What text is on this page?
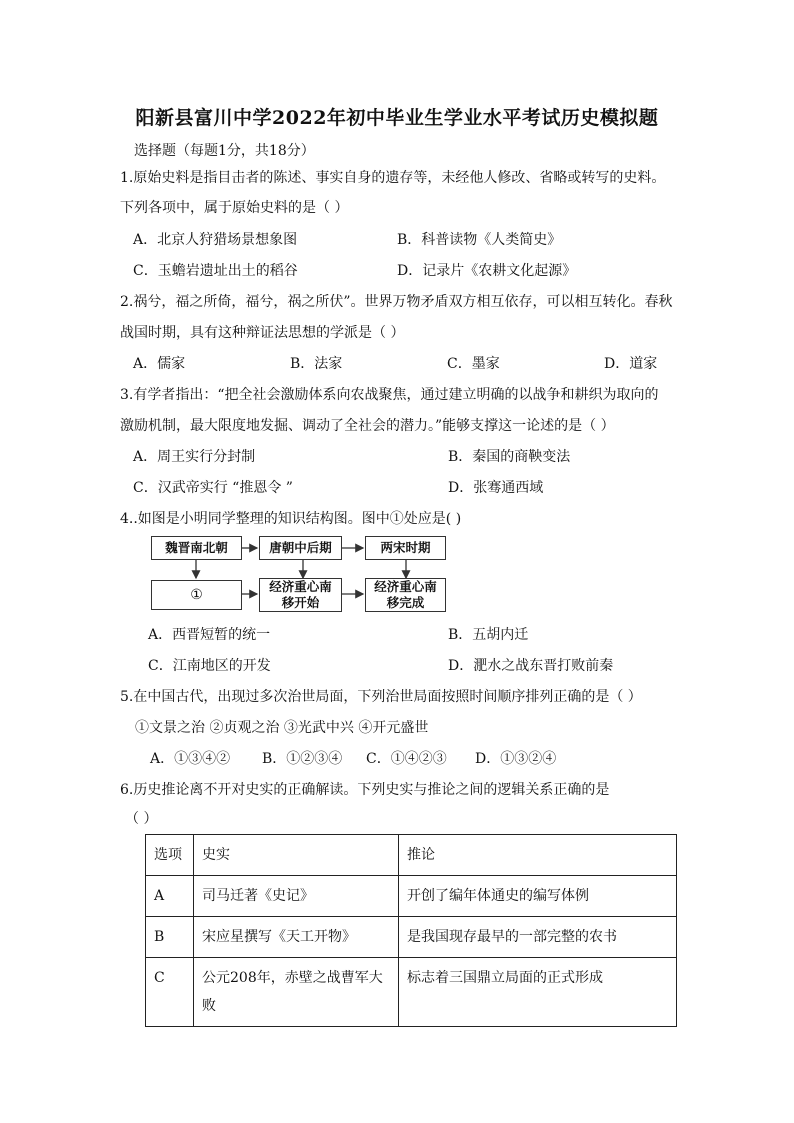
阳新县富川中学2022年初中毕业生学业水平考试历史模拟题
选择题（每题1分，共18分）
1.原始史料是指目击者的陈述、事实自身的遗存等，未经他人修改、省略或转写的史料。
下列各项中，属于原始史料的是（ ）
A．北京人狩猎场景想象图	B．科普读物《人类简史》
C．玉蟾岩遗址出土的稻谷	D．记录片《农耕文化起源》
2.祸兮，福之所倚，福兮，祸之所伏”。世界万物矛盾双方相互依存，可以相互转化。春秋
战国时期，具有这种辩证法思想的学派是（ ）
A．儒家	B．法家	C．墨家	D．道家
3.有学者指出：“把全社会激励体系向农战聚焦，通过建立明确的以战争和耕织为取向的
激励机制，最大限度地发掘、调动了全社会的潜力。”能够支撑这一论述的是（ ）
A．周王实行分封制	B．秦国的商鞅变法
C．汉武帝实行 “推恩令 ”	D．张骞通西域
4..如图是小明同学整理的知识结构图。图中①处应是( )
魏晋南北朝	唐朝中后期	两宋时期
①
经济重心南移开始
经济重心南移完成
A．西晋短暂的统一	B．五胡内迁
C．江南地区的开发	D．淝水之战东晋打败前秦
5.在中国古代，出现过多次治世局面，下列治世局面按照时间顺序排列正确的是（ ）
①文景之治 ②贞观之治 ③光武中兴 ④开元盛世
A．①③④② B．①②③④ C．①④②③ D．①③②④
6.历史推论离不开对史实的正确解读。下列史实与推论之间的逻辑关系正确的是
（ ）
选项	史实	推论
A	司马迁著《史记》	开创了编年体通史的编写体例
B	宋应星撰写《天工开物》	是我国现存最早的一部完整的农书
C	公元208年，赤壁之战曹军大败	标志着三国鼎立局面的正式形成
